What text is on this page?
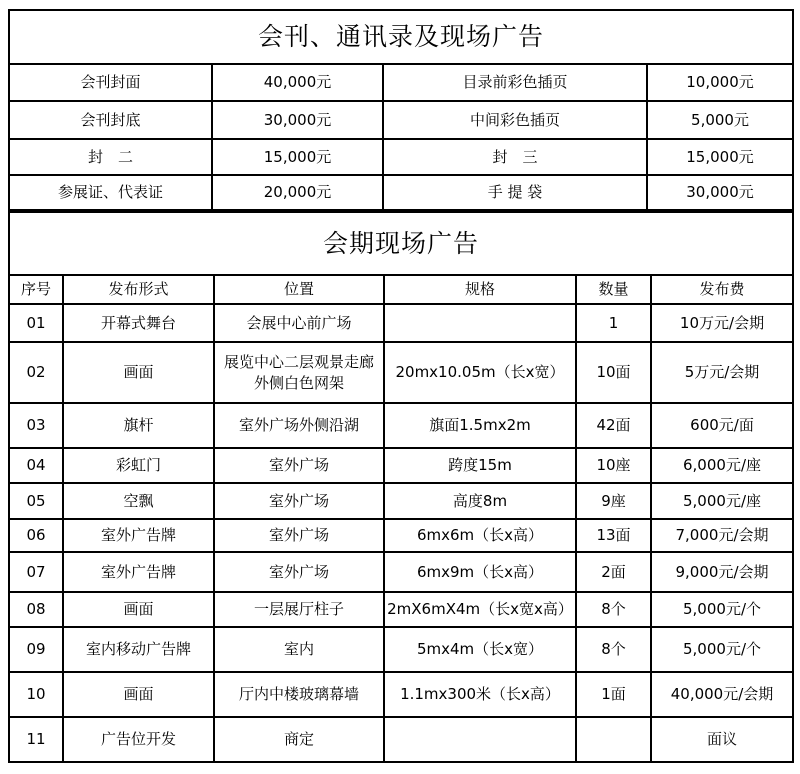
会刊、通讯录及现场广告			
会刊封面	40,000元	目录前彩色插页	10,000元
会刊封底	30,000元	中间彩色插页	5,000元
封　二	15,000元	封　三	15,000元
参展证、代表证	20,000元	手 提 袋	30,000元
会期现场广告					
序号	发布形式	位置	规格	数量	发布费
01	开幕式舞台	会展中心前广场		1	10万元/会期
02	画面	展览中心二层观景走廊外侧白色网架	20mx10.05m（长x宽）	10面	5万元/会期
03	旗杆	室外广场外侧沿湖	旗面1.5mx2m	42面	600元/面
04	彩虹门	室外广场	跨度15m	10座	6,000元/座
05	空飘	室外广场	高度8m	9座	5,000元/座
06	室外广告牌	室外广场	6mx6m（长x高）	13面	7,000元/会期
07	室外广告牌	室外广场	6mx9m（长x高）	2面	9,000元/会期
08	画面	一层展厅柱子	2mX6mX4m（长x宽x高）	8个	5,000元/个
09	室内移动广告牌	室内	5mx4m（长x宽）	8个	5,000元/个
10	画面	厅内中楼玻璃幕墙	1.1mx300米（长x高）	1面	40,000元/会期
11	广告位开发	商定			面议
